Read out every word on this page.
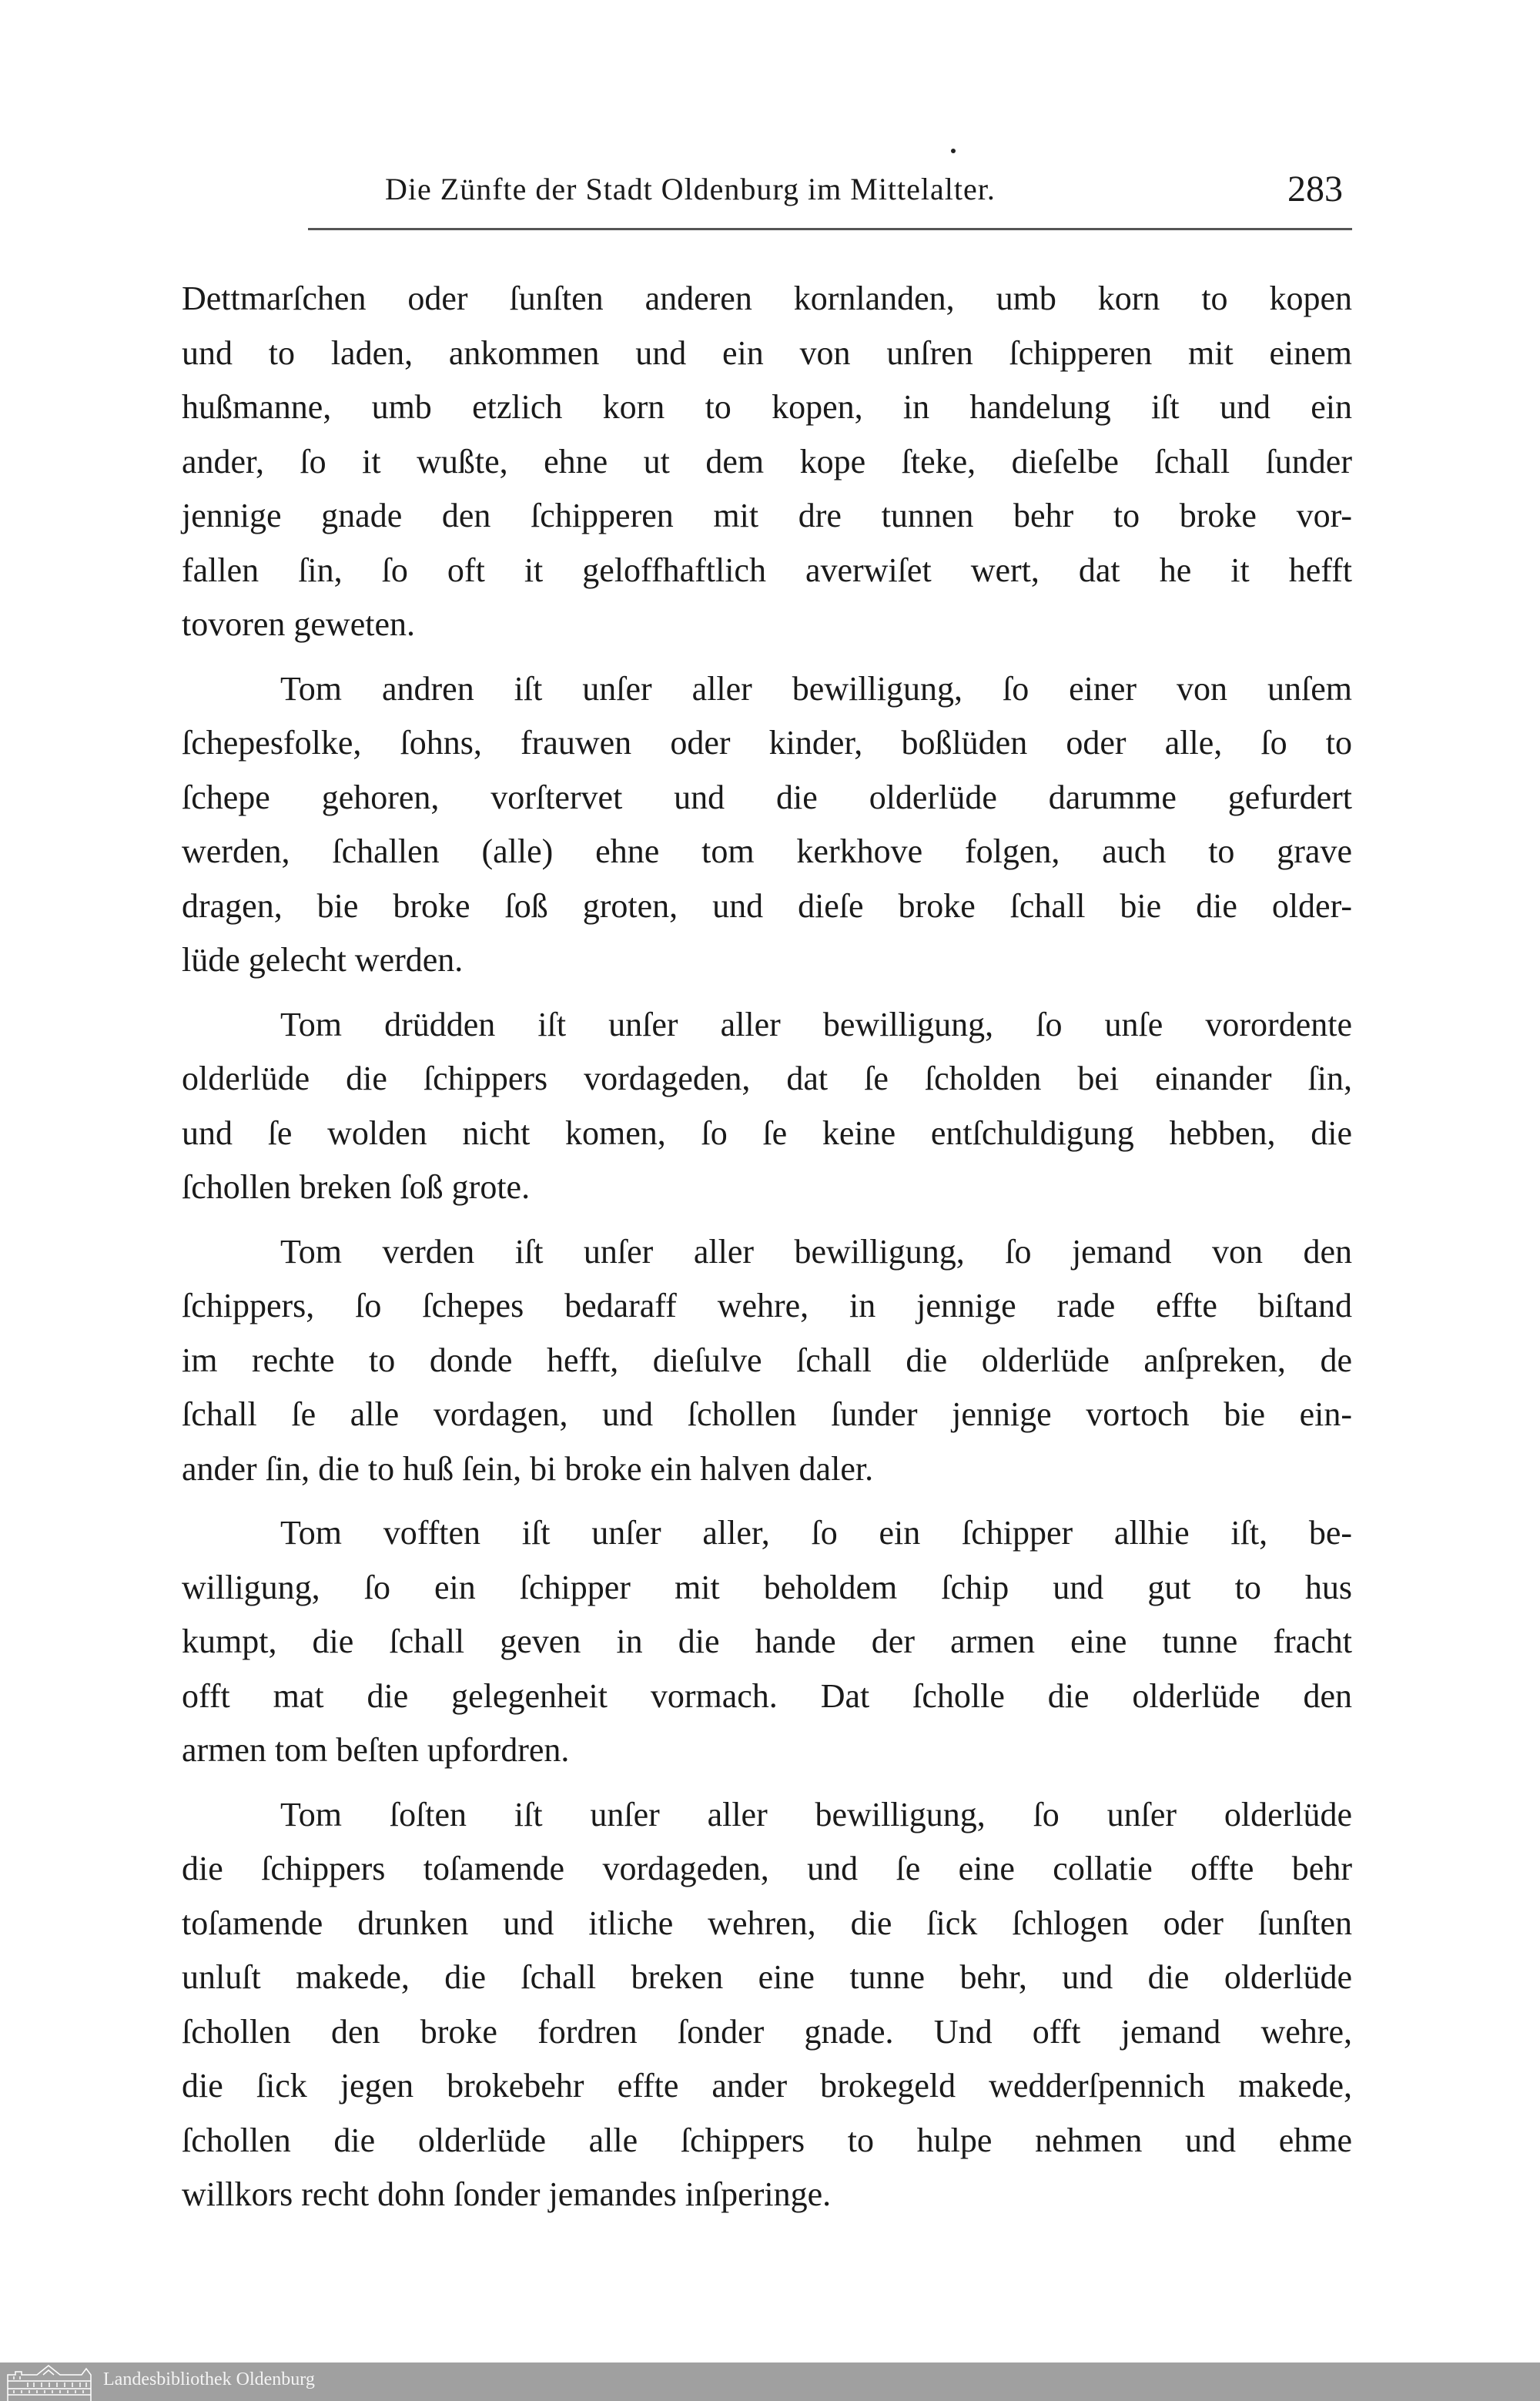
Die Zünfte der Stadt Oldenburg im Mittelalter.	283
Dettmarſchen oder ſunſten anderen kornlanden, umb korn to kopen
und to laden, ankommen und ein von unſren ſchipperen mit einem
hußmanne, umb etzlich korn to kopen, in handelung iſt und ein
ander, ſo it wußte, ehne ut dem kope ſteke, dieſelbe ſchall ſunder
jennige gnade den ſchipperen mit dre tunnen behr to broke vor-
fallen ſin, ſo oft it geloffhaftlich averwiſet wert, dat he it hefft
tovoren geweten.
Tom andren iſt unſer aller bewilligung, ſo einer von unſem
ſchepesfolke, ſohns, frauwen oder kinder, boßlüden oder alle, ſo to
ſchepe gehoren, vorſtervet und die olderlüde darumme gefurdert
werden, ſchallen (alle) ehne tom kerkhove folgen, auch to grave
dragen, bie broke ſoß groten, und dieſe broke ſchall bie die older-
lüde gelecht werden.
Tom drüdden iſt unſer aller bewilligung, ſo unſe vorordente
olderlüde die ſchippers vordageden, dat ſe ſcholden bei einander ſin,
und ſe wolden nicht komen, ſo ſe keine entſchuldigung hebben, die
ſchollen breken ſoß grote.
Tom verden iſt unſer aller bewilligung, ſo jemand von den
ſchippers, ſo ſchepes bedaraff wehre, in jennige rade effte biſtand
im rechte to donde hefft, dieſulve ſchall die olderlüde anſpreken, de
ſchall ſe alle vordagen, und ſchollen ſunder jennige vortoch bie ein-
ander ſin, die to huß ſein, bi broke ein halven daler.
Tom vofften iſt unſer aller, ſo ein ſchipper allhie iſt, be-
willigung, ſo ein ſchipper mit beholdem ſchip und gut to hus
kumpt, die ſchall geven in die hande der armen eine tunne fracht
offt mat die gelegenheit vormach. Dat ſcholle die olderlüde den
armen tom beſten upfordren.
Tom ſoſten iſt unſer aller bewilligung, ſo unſer olderlüde
die ſchippers toſamende vordageden, und ſe eine collatie offte behr
toſamende drunken und itliche wehren, die ſick ſchlogen oder ſunſten
unluſt makede, die ſchall breken eine tunne behr, und die olderlüde
ſchollen den broke fordren ſonder gnade. Und offt jemand wehre,
die ſick jegen brokebehr effte ander brokegeld wedderſpennich makede,
ſchollen die olderlüde alle ſchippers to hulpe nehmen und ehme
willkors recht dohn ſonder jemandes inſperinge.
Landesbibliothek Oldenburg
